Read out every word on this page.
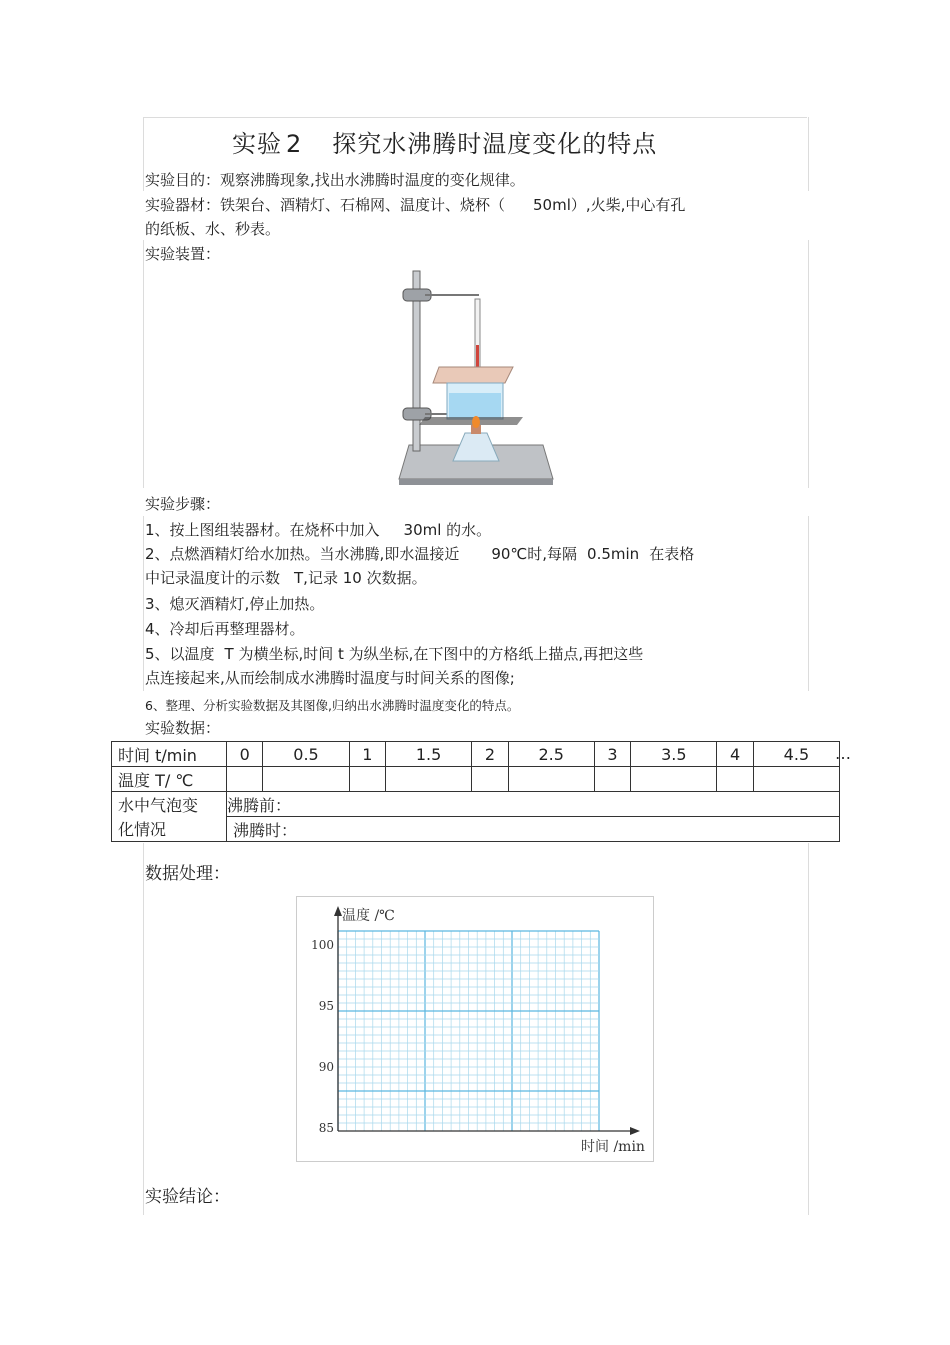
实验 2 探究水沸腾时温度变化的特点
实验目的：观察沸腾现象,找出水沸腾时温度的变化规律。
实验器材：铁架台、酒精灯、石棉网、温度计、烧杯（ 50ml）,火柴,中心有孔
的纸板、水、秒表。
实验装置：
实验步骤：
1、按上图组装器材。在烧杯中加入 30ml 的水。
2、点燃酒精灯给水加热。当水沸腾,即水温接近 90℃时,每隔 0.5min 在表格
中记录温度计的示数 T,记录 10 次数据。
3、熄灭酒精灯,停止加热。
4、冷却后再整理器材。
5、以温度 T 为横坐标,时间 t 为纵坐标,在下图中的方格纸上描点,再把这些
点连接起来,从而绘制成水沸腾时温度与时间关系的图像;
6、整理、分析实验数据及其图像,归纳出水沸腾时温度变化的特点。
实验数据：
时间 t/min	0	0.5	1	1.5	2	2.5	3	3.5	4	4.5
温度 T/ ℃										
水中气泡变	沸腾前：									
化情况	沸腾时：									
…
数据处理：
100
95
90
85
温度 /℃
时间 /min
实验结论：
